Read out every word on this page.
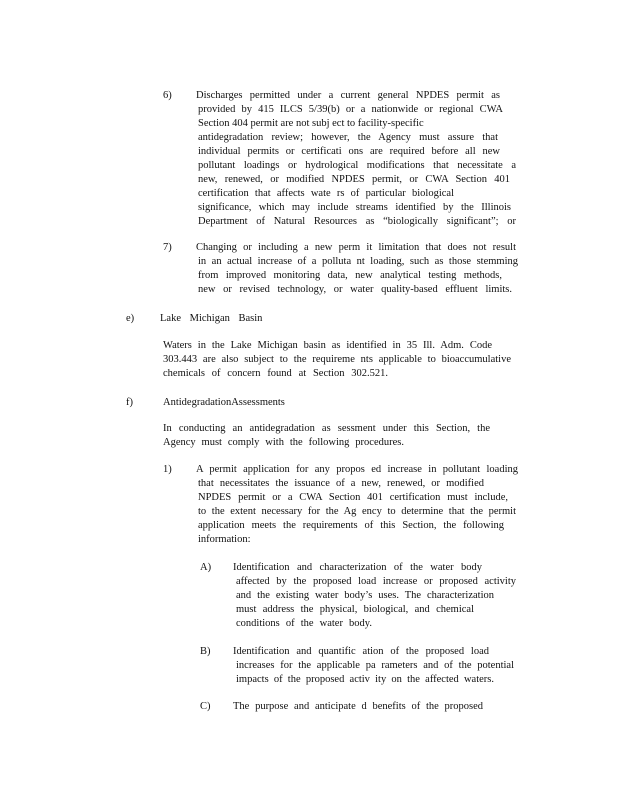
6) Discharges permitted under a current general NPDES permit as
provided by 415 ILCS 5/39(b) or a nationwide or regional CWA
Section 404 permit are not subj ect to facility-specific
antidegradation review; however, the Agency must assure that
individual permits or certificati ons are required before all new
pollutant loadings or hydrological modifications that necessitate a
new, renewed, or modified NPDES permit, or CWA Section 401
certification that affects wate rs of particular biological
significance, which may include streams identified by the Illinois
Department of Natural Resources as “biologically significant”; or
7) Changing or including a new perm it limitation that does not result
in an actual increase of a polluta nt loading, such as those stemming
from improved monitoring data, new analytical testing methods,
new or revised technology, or water quality-based effluent limits.
e) Lake Michigan Basin
Waters in the Lake Michigan basin as identified in 35 Ill. Adm. Code
303.443 are also subject to the requireme nts applicable to bioaccumulative
chemicals of concern found at Section 302.521.
f)	AntidegradationAssessments
In conducting an antidegradation as sessment under this Section, the
Agency must comply with the following procedures.
1) A permit application for any propos ed increase in pollutant loading
that necessitates the issuance of a new, renewed, or modified
NPDES permit or a CWA Section 401 certification must include,
to the extent necessary for the Ag ency to determine that the permit
application meets the requirements of this Section, the following
information:
A) Identification and characterization of the water body
affected by the proposed load increase or proposed activity
and the existing water body’s uses. The characterization
must address the physical, biological, and chemical
conditions of the water body.
B) Identification and quantific ation of the proposed load
increases for the applicable pa rameters and of the potential
impacts of the proposed activ ity on the affected waters.
C) The purpose and anticipate d benefits of the proposed
